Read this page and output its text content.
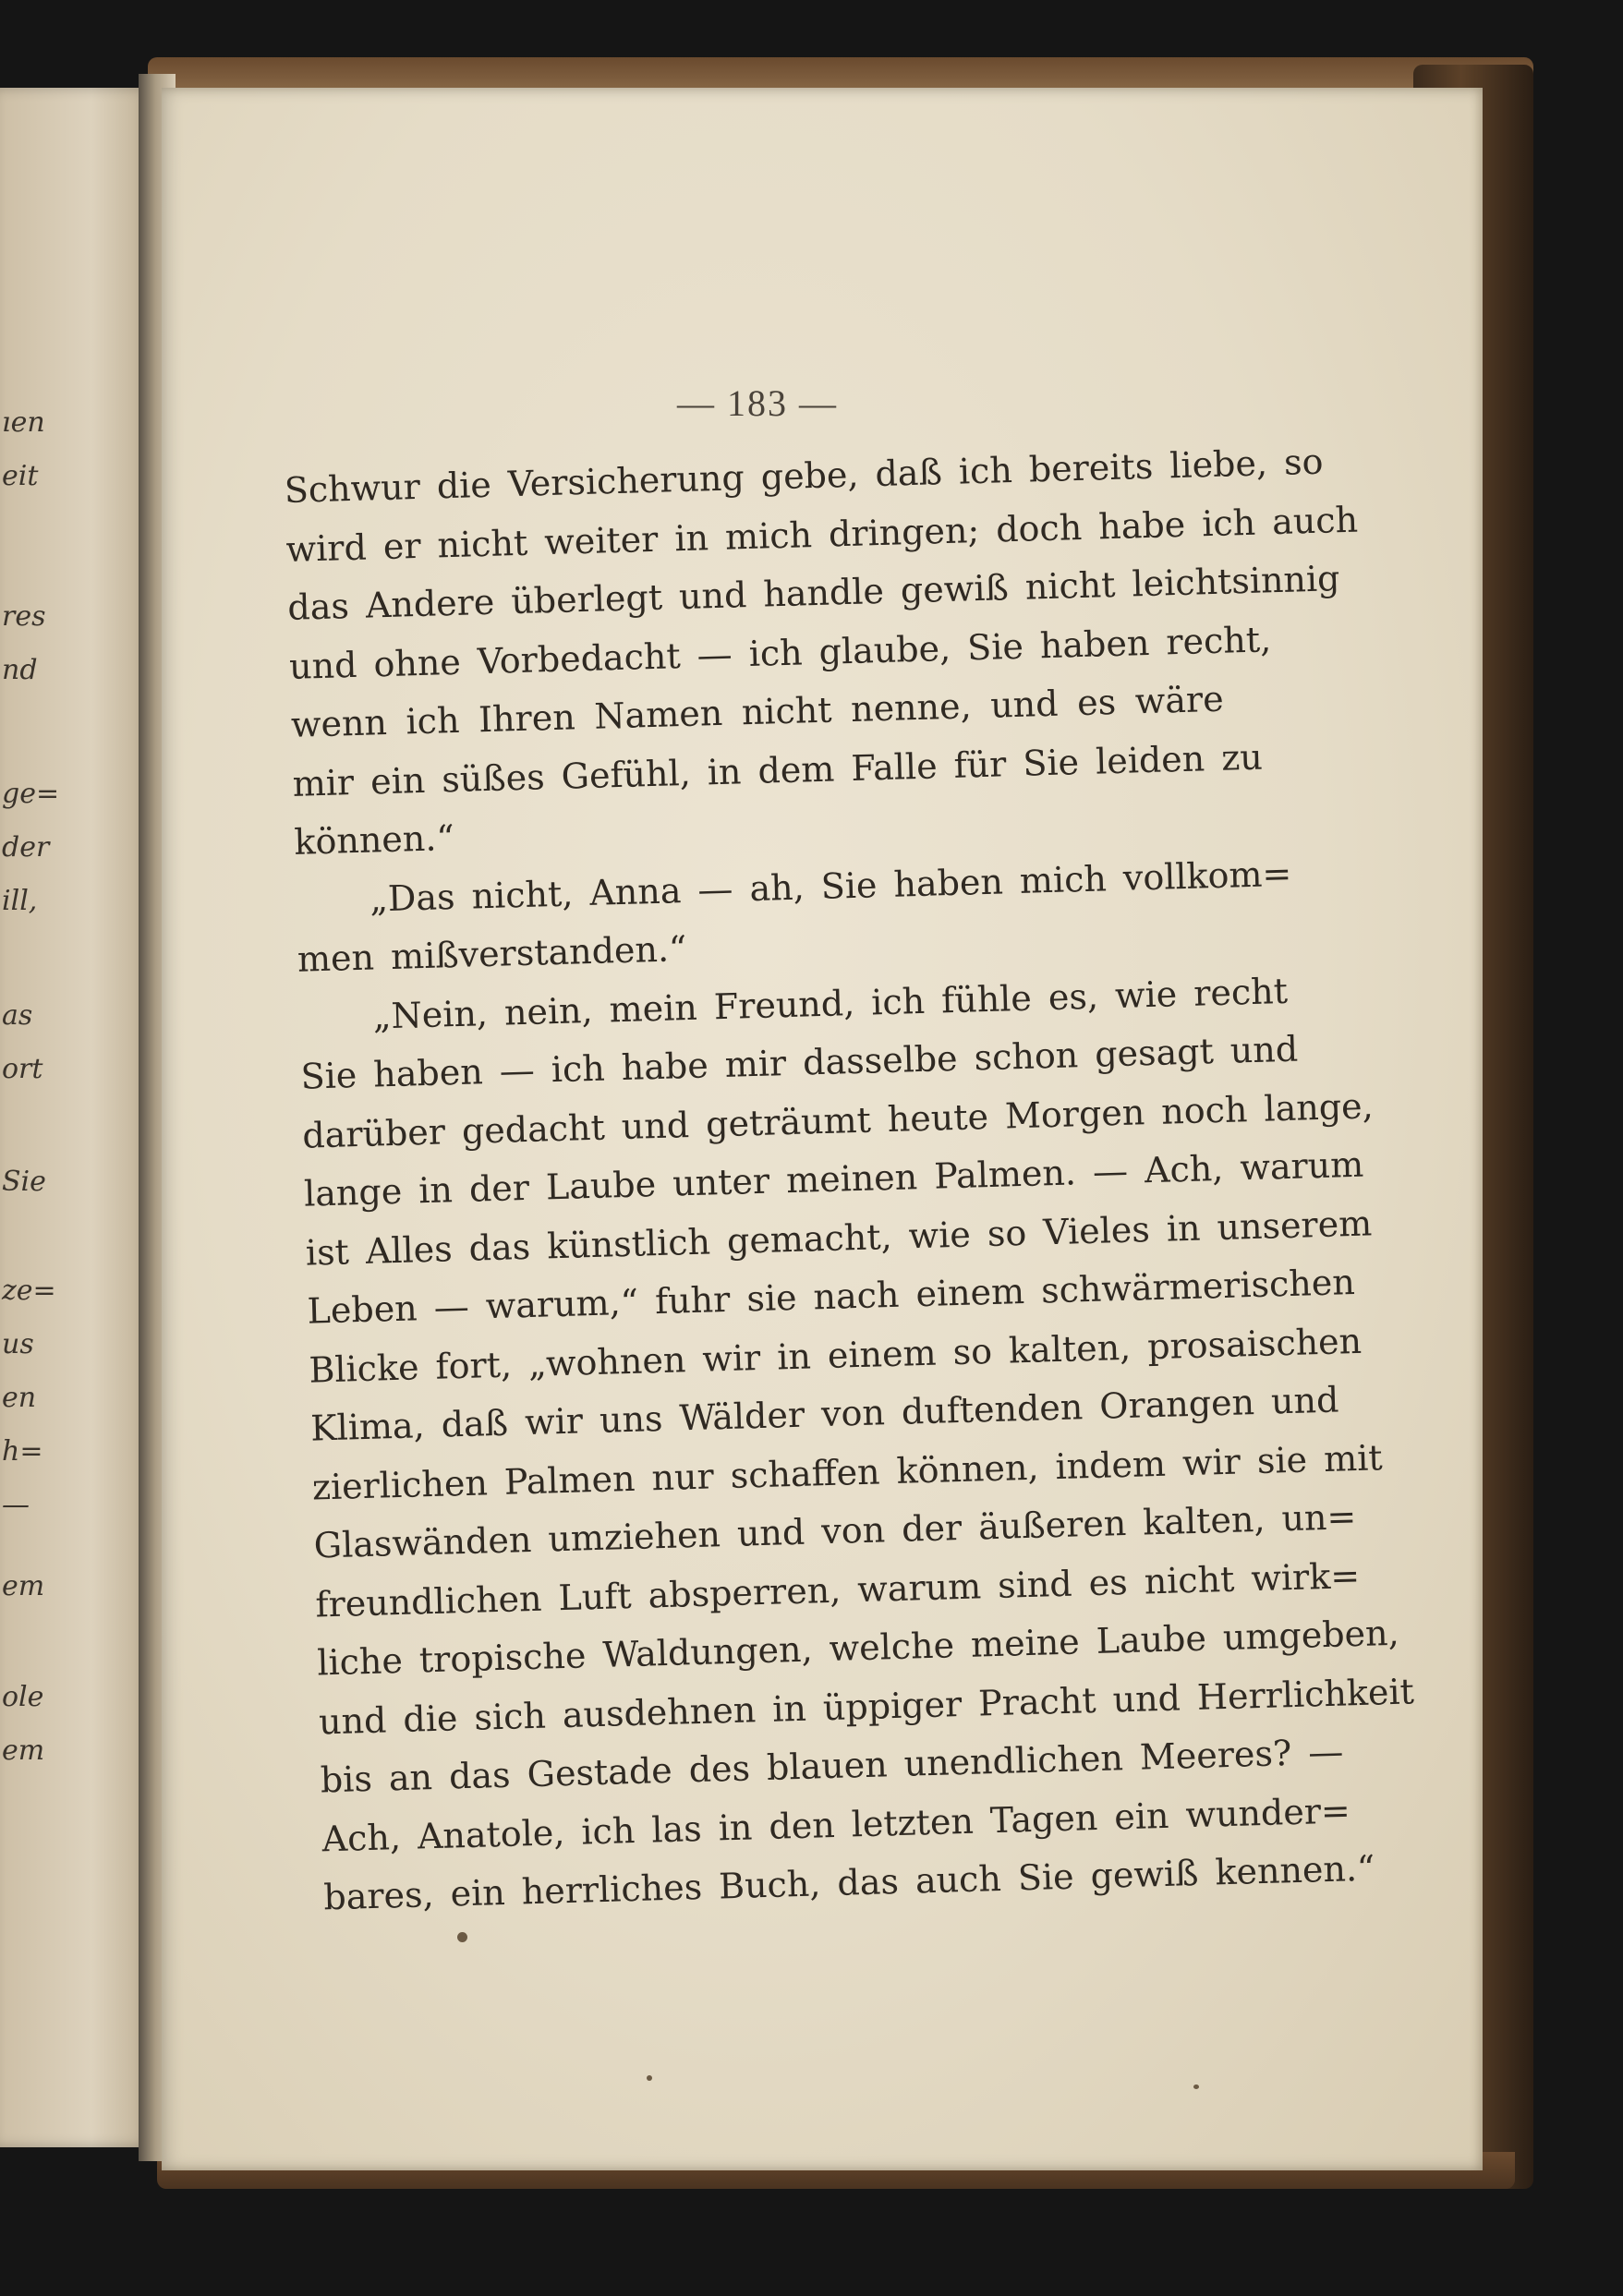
ıen
eit
res
nd
ge=
der
ill,
as
ort
Sie
ze=
us
en
h=
—
em
ole
em
— 183 —
Schwur die Versicherung gebe, daß ich bereits liebe, so
wird er nicht weiter in mich dringen; doch habe ich auch
das Andere überlegt und handle gewiß nicht leichtsinnig
und ohne Vorbedacht — ich glaube, Sie haben recht,
wenn ich Ihren Namen nicht nenne, und es wäre
mir ein süßes Gefühl, in dem Falle für Sie leiden zu
können.“
„Das nicht, Anna — ah, Sie haben mich vollkom=
men mißverstanden.“
„Nein, nein, mein Freund, ich fühle es, wie recht
Sie haben — ich habe mir dasselbe schon gesagt und
darüber gedacht und geträumt heute Morgen noch lange,
lange in der Laube unter meinen Palmen. — Ach, warum
ist Alles das künstlich gemacht, wie so Vieles in unserem
Leben — warum,“ fuhr sie nach einem schwärmerischen
Blicke fort, „wohnen wir in einem so kalten, prosaischen
Klima, daß wir uns Wälder von duftenden Orangen und
zierlichen Palmen nur schaffen können, indem wir sie mit
Glaswänden umziehen und von der äußeren kalten, un=
freundlichen Luft absperren, warum sind es nicht wirk=
liche tropische Waldungen, welche meine Laube umgeben,
und die sich ausdehnen in üppiger Pracht und Herrlichkeit
bis an das Gestade des blauen unendlichen Meeres? —
Ach, Anatole, ich las in den letzten Tagen ein wunder=
bares, ein herrliches Buch, das auch Sie gewiß kennen.“
